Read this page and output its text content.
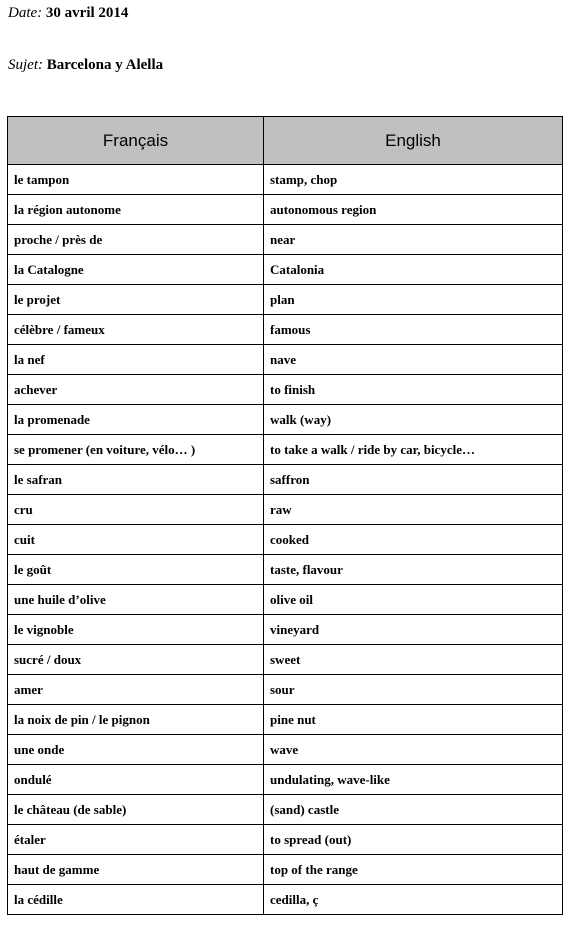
Date: 30 avril 2014
Sujet: Barcelona y Alella
Français	English
le tampon	stamp, chop
la région autonome	autonomous region
proche / près de	near
la Catalogne	Catalonia
le projet	plan
célèbre / fameux	famous
la nef	nave
achever	to finish
la promenade	walk (way)
se promener (en voiture, vélo… )	to take a walk / ride by car, bicycle…
le safran	saffron
cru	raw
cuit	cooked
le goût	taste, flavour
une huile d’olive	olive oil
le vignoble	vineyard
sucré / doux	sweet
amer	sour
la noix de pin / le pignon	pine nut
une onde	wave
ondulé	undulating, wave-like
le château (de sable)	(sand) castle
étaler	to spread (out)
haut de gamme	top of the range
la cédille	cedilla, ç
